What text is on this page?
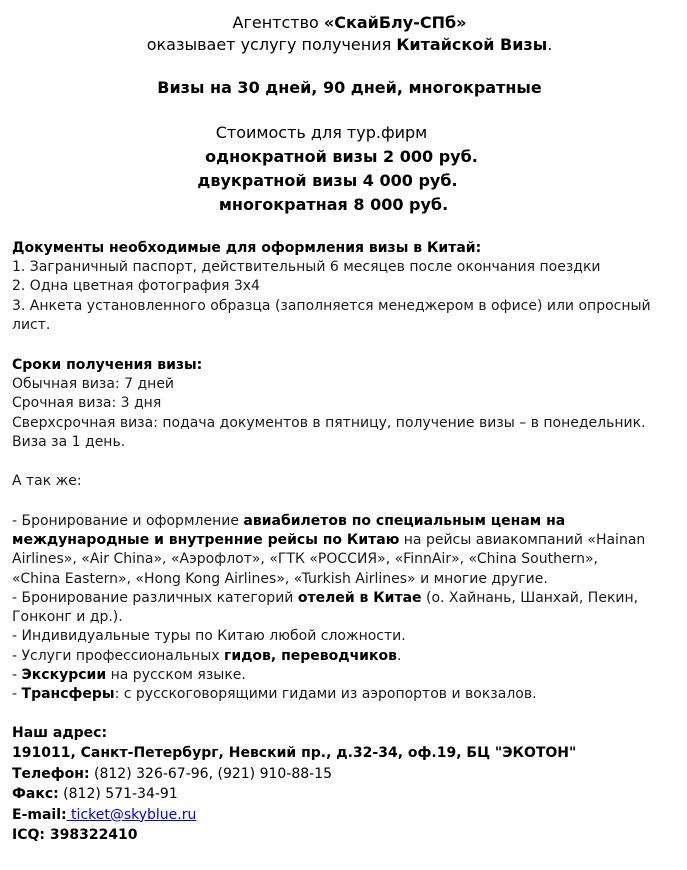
Агентство «СкайБлу-СПб»
оказывает услугу получения Китайской Визы.
Визы на 30 дней, 90 дней, многократные
Стоимость для тур.фирм
однократной визы 2 000 руб.
двукратной визы 4 000 руб.
многократная 8 000 руб.
Документы необходимые для оформления визы в Китай:
1. Заграничный паспорт, действительный 6 месяцев после окончания поездки
2. Одна цветная фотография 3x4
3. Анкета установленного образца (заполняется менеджером в офисе) или опросный
лист.
Сроки получения визы:
Обычная виза: 7 дней
Срочная виза: 3 дня
Сверхсрочная виза: подача документов в пятницу, получение визы – в понедельник.
Виза за 1 день.
А так же:
- Бронирование и оформление авиабилетов по специальным ценам на
международные и внутренние рейсы по Китаю на рейсы авиакомпаний «Hainan
Airlines», «Air China», «Аэрофлот», «ГТК «РОССИЯ», «FinnAir», «China Southern»,
«China Eastern», «Hong Kong Airlines», «Turkish Airlines» и многие другие.
- Бронирование различных категорий отелей в Китае (о. Хайнань, Шанхай, Пекин,
Гонконг и др.).
- Индивидуальные туры по Китаю любой сложности.
- Услуги профессиональных гидов, переводчиков.
- Экскурсии на русском языке.
- Трансферы: с русскоговорящими гидами из аэропортов и вокзалов.
Наш адрес:
191011, Санкт-Петербург, Невский пр., д.32-34, оф.19, БЦ "ЭКОТОН"
Телефон: (812) 326-67-96, (921) 910-88-15
Факс: (812) 571-34-91
E-mail: ticket@skyblue.ru
ICQ: 398322410
